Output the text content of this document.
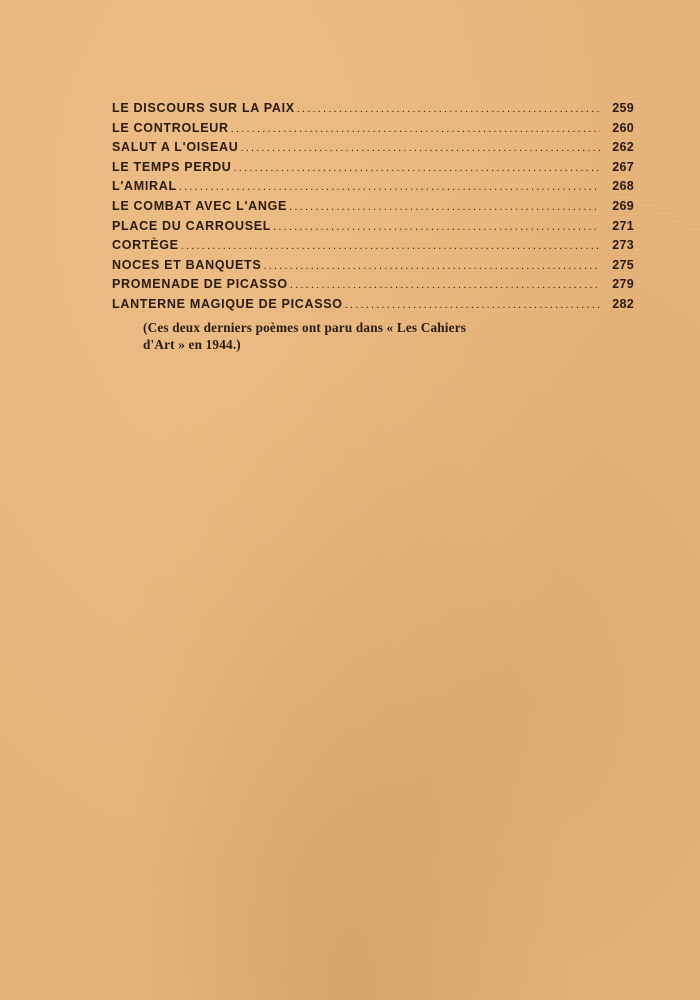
LE DISCOURS SUR LA PAIX .....	259
LE CONTROLEUR .....	260
SALUT A L'OISEAU .....	262
LE TEMPS PERDU .....	267
L'AMIRAL .....	268
LE COMBAT AVEC L'ANGE .....	269
PLACE DU CARROUSEL .....	271
CORTÈGE .....	273
NOCES ET BANQUETS .....	275
PROMENADE DE PICASSO .....	279
LANTERNE MAGIQUE DE PICASSO .....	282

(Ces deux derniers poèmes ont paru dans « Les Cahiers
d'Art » en 1944.)
